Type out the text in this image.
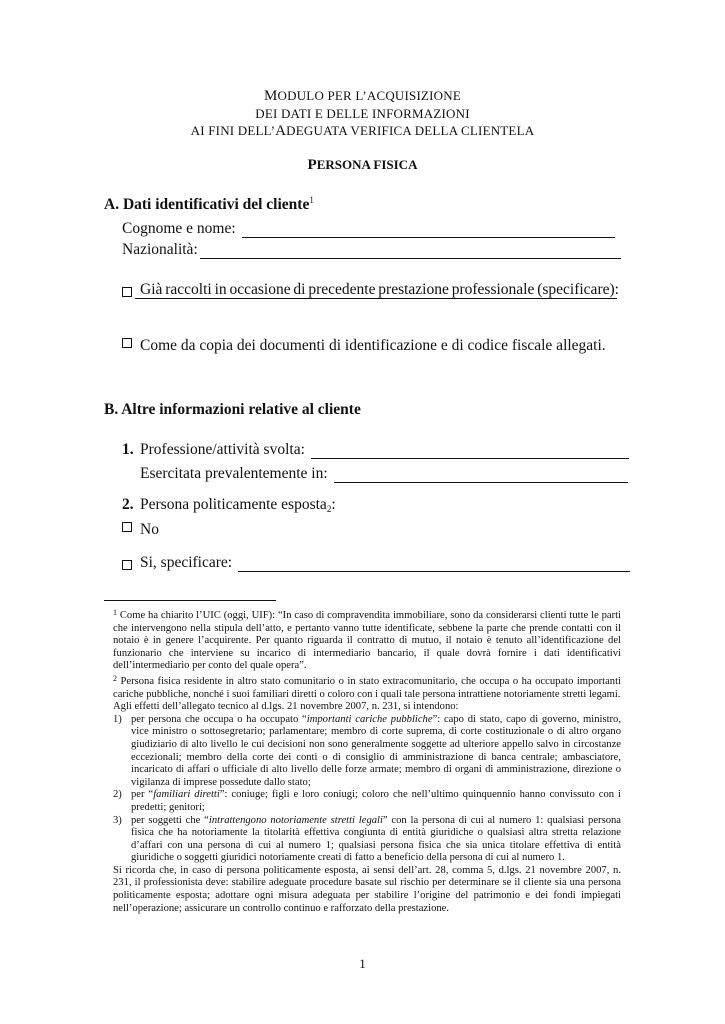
MODULO PER L’ACQUISIZIONE
DEI DATI E DELLE INFORMAZIONI
AI FINI DELL’ADEGUATA VERIFICA DELLA CLIENTELA
PERSONA FISICA
A. Dati identificativi del cliente$^1$
Cognome e nome:
Nazionalità:
Già raccolti in occasione di precedente prestazione professionale (specificare):
Come da copia dei documenti di identificazione e di codice fiscale allegati.
B. Altre informazioni relative al cliente
1. Professione/attività svolta:
Esercitata prevalentemente in:
2. Persona politicamente esposta$_2$ :
No
Si, specificare:

$^1$ Come ha chiarito l’UIC (oggi, UIF): “In caso di compravendita immobiliare, sono da considerarsi clienti tutte le parti che intervengono nella stipula dell’atto, e pertanto vanno tutte identificate, sebbene la parte che prende contatti con il notaio è in genere l’acquirente. Per quanto riguarda il contratto di mutuo, il notaio è tenuto all’identificazione del funzionario che interviene su incarico di intermediario bancario, il quale dovrà fornire i dati identificativi dell’intermediario per conto del quale opera”.

$^2$ Persona fisica residente in altro stato comunitario o in stato extracomunitario, che occupa o ha occupato importanti cariche pubbliche, nonché i suoi familiari diretti o coloro con i quali tale persona intrattiene notoriamente stretti legami.

Agli effetti dell’allegato tecnico al d.lgs. 21 novembre 2007, n. 231, si intendono:

1) per persona che occupa o ha occupato “importanti cariche pubbliche”: capo di stato, capo di governo, ministro, vice ministro o sottosegretario; parlamentare; membro di corte suprema, di corte costituzionale o di altro organo giudiziario di alto livello le cui decisioni non sono generalmente soggette ad ulteriore appello salvo in circostanze eccezionali; membro della corte dei conti o di consiglio di amministrazione di banca centrale; ambasciatore, incaricato di affari o ufficiale di alto livello delle forze armate; membro di organi di amministrazione, direzione o vigilanza di imprese possedute dallo stato;
2) per “familiari diretti”: coniuge; figli e loro coniugi; coloro che nell’ultimo quinquennio hanno convissuto con i predetti; genitori;
3) per soggetti che “intrattengono notoriamente stretti legali” con la persona di cui al numero 1: qualsiasi persona fisica che ha notoriamente la titolarità effettiva congiunta di entità giuridiche o qualsiasi altra stretta relazione d’affari con una persona di cui al numero 1; qualsiasi persona fisica che sia unica titolare effettiva di entità giuridiche o soggetti giuridici notoriamente creati di fatto a beneficio della persona di cui al numero 1.

Si ricorda che, in caso di persona politicamente esposta, ai sensi dell’art. 28, comma 5, d.lgs. 21 novembre 2007, n. 231, il professionista deve: stabilire adeguate procedure basate sul rischio per determinare se il cliente sia una persona politicamente esposta; adottare ogni misura adeguata per stabilire l’origine del patrimonio e dei fondi impiegati nell’operazione; assicurare un controllo continuo e rafforzato della prestazione.

1
